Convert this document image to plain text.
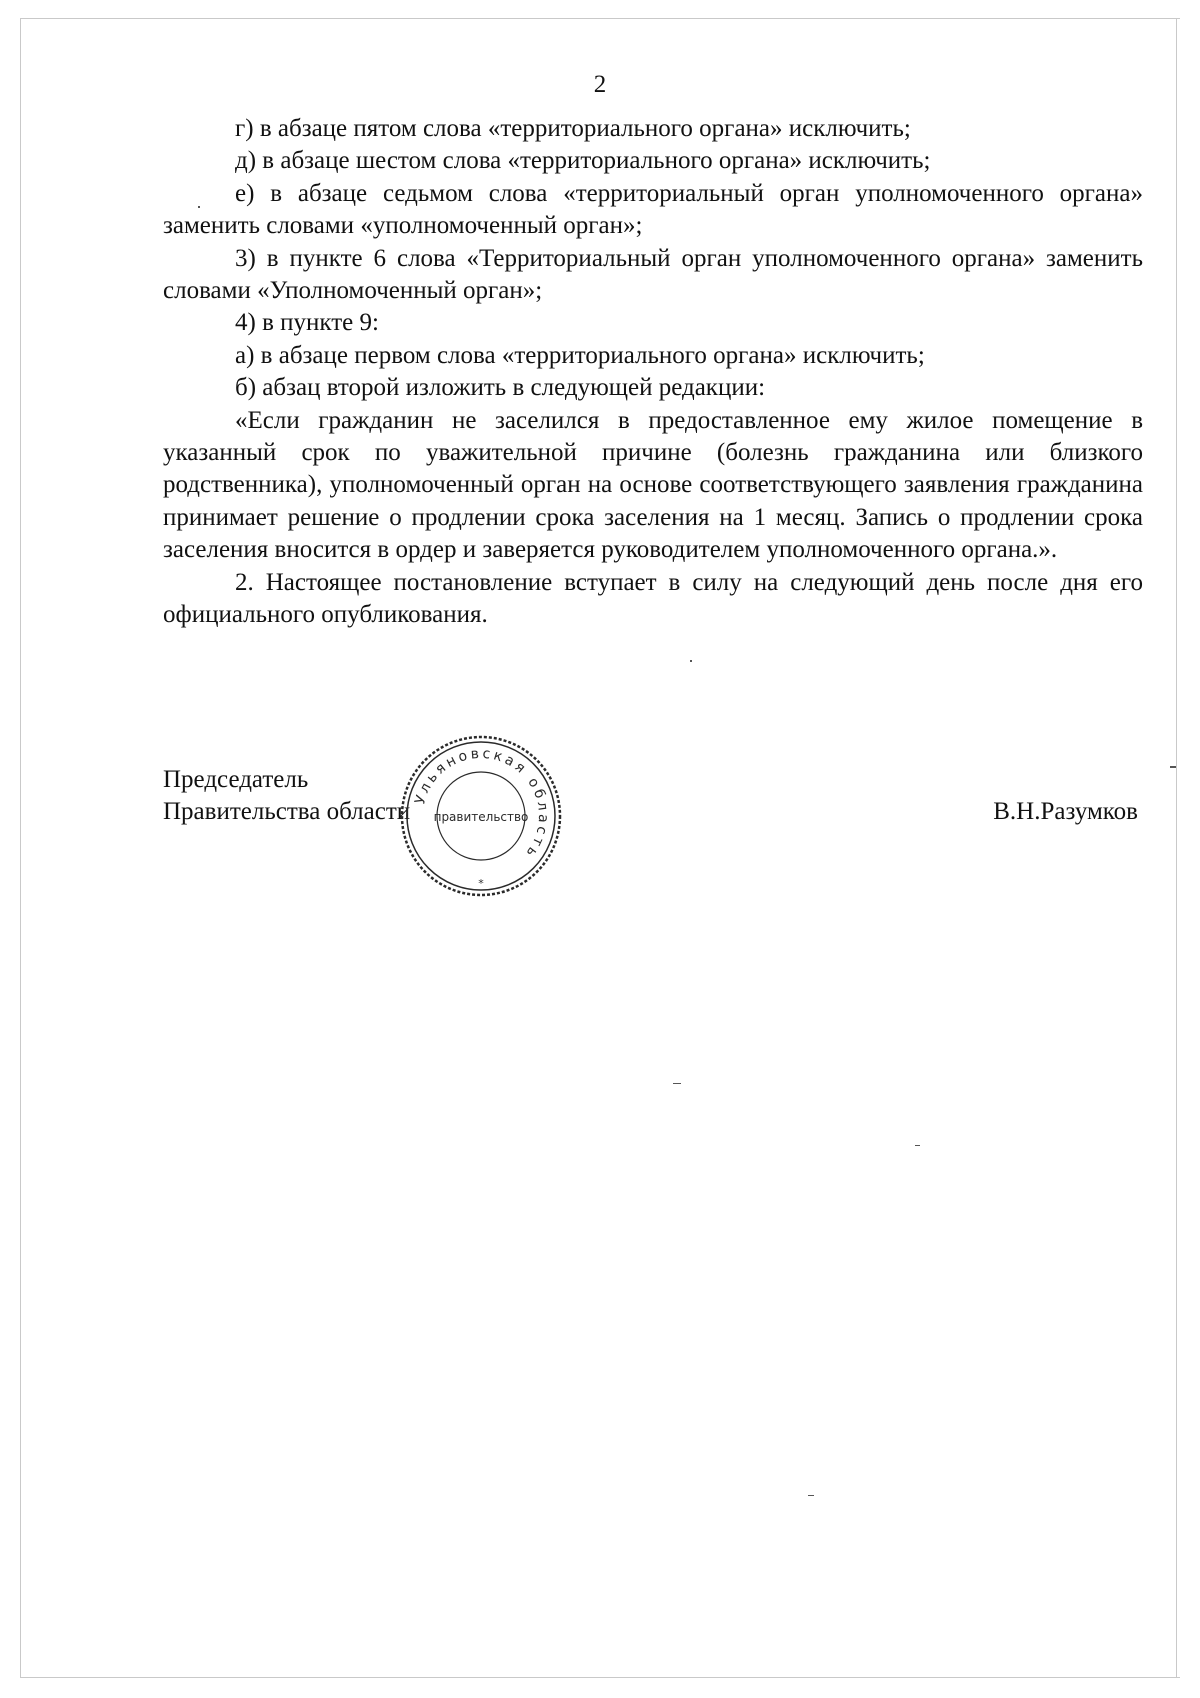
2

г) в абзаце пятом слова «территориального органа» исключить;

д) в абзаце шестом слова «территориального органа» исключить;

е) в абзаце седьмом слова «территориальный орган уполномоченного органа» заменить словами «уполномоченный орган»;

3) в пункте 6 слова «Территориальный орган уполномоченного органа» заменить словами «Уполномоченный орган»;

4) в пункте 9:

а) в абзаце первом слова «территориального органа» исключить;

б) абзац второй изложить в следующей редакции:

«Если гражданин не заселился в предоставленное ему жилое помещение в указанный срок по уважительной причине (болезнь гражданина или близкого родственника), уполномоченный орган на основе соответствующего заявления гражданина принимает решение о продлении срока заселения на 1 месяц. Запись о продлении срока заселения вносится в ордер и заверяется руководителем уполномоченного органа.».

2. Настоящее постановление вступает в силу на следующий день после дня его официального опубликования.

Председатель
Правительства области Ульяновская область
правительство
*
В.Н.Разумков
